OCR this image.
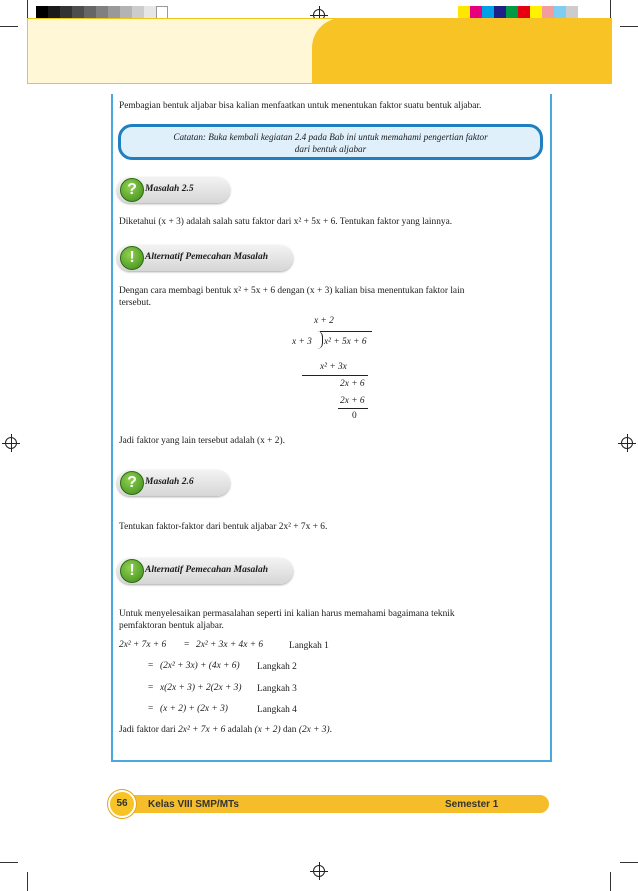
Pembagian bentuk aljabar bisa kalian menfaatkan untuk menentukan faktor suatu bentuk aljabar.

Catatan: Buka kembali kegiatan 2.4 pada Bab ini untuk memahami pengertian faktor
dari bentuk aljabar
? Masalah 2.5

Diketahui (x + 3) adalah salah satu faktor dari x² + 5x + 6. Tentukan faktor yang lainnya.

!	Alternatif Pemecahan Masalah

Dengan cara membagi bentuk x² + 5x + 6 dengan (x + 3) kalian bisa menentukan faktor lain

tersebut.

x + 2
x + 3 x² + 5x + 6
x² + 3x
2x + 6
2x + 6
0

Jadi faktor yang lain tersebut adalah (x + 2).

? Masalah 2.6

Tentukan faktor-faktor dari bentuk aljabar 2x² + 7x + 6.

!	Alternatif Pemecahan Masalah

Untuk menyelesaikan permasalahan seperti ini kalian harus memahami bagaimana teknik

pemfaktoran bentuk aljabar.

2x² + 7x + 6 = 2x² + 3x + 4x + 6	Langkah 1
= (2x² + 3x) + (4x + 6) Langkah 2
= x(2x + 3) + 2(2x + 3) Langkah 3
= (x + 2) + (2x + 3)	Langkah 4
Jadi faktor dari 2x² + 7x + 6 adalah (x + 2) dan (2x + 3).
56	Kelas VIII SMP/MTs	Semester 1
